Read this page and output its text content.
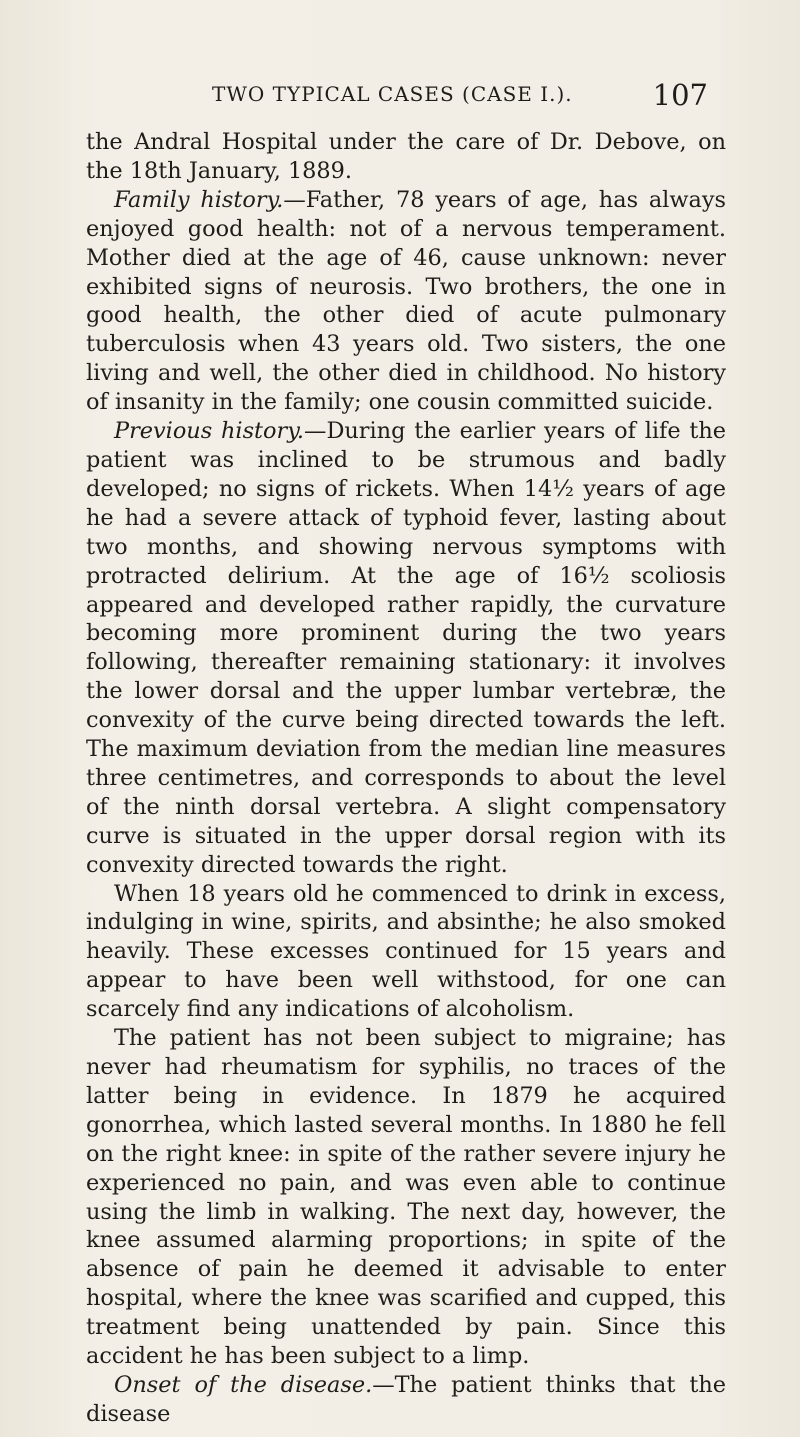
TWO TYPICAL CASES (CASE I.).	107

the Andral Hospital under the care of Dr. Debove, on the 18th January, 1889.

Family history.—Father, 78 years of age, has always enjoyed good health: not of a nervous temperament. Mother died at the age of 46, cause unknown: never exhibited signs of neurosis. Two brothers, the one in good health, the other died of acute pulmonary tuberculosis when 43 years old. Two sisters, the one living and well, the other died in childhood. No history of insanity in the family; one cousin committed suicide.

Previous history.—During the earlier years of life the patient was inclined to be strumous and badly developed; no signs of rickets. When 14½ years of age he had a severe attack of typhoid fever, lasting about two months, and showing nervous symptoms with protracted delirium. At the age of 16½ scoliosis appeared and developed rather rapidly, the curvature becoming more prominent during the two years following, thereafter remaining stationary: it involves the lower dorsal and the upper lumbar vertebræ, the convexity of the curve being directed towards the left. The maximum deviation from the median line measures three centimetres, and corresponds to about the level of the ninth dorsal vertebra. A slight compensatory curve is situated in the upper dorsal region with its convexity directed towards the right.

When 18 years old he commenced to drink in excess, indulging in wine, spirits, and absinthe; he also smoked heavily. These excesses continued for 15 years and appear to have been well withstood, for one can scarcely find any indications of alcoholism.

The patient has not been subject to migraine; has never had rheumatism for syphilis, no traces of the latter being in evidence. In 1879 he acquired gonorrhea, which lasted several months. In 1880 he fell on the right knee: in spite of the rather severe injury he experienced no pain, and was even able to continue using the limb in walking. The next day, however, the knee assumed alarming proportions; in spite of the absence of pain he deemed it advisable to enter hospital, where the knee was scarified and cupped, this treatment being unattended by pain. Since this accident he has been subject to a limp.

Onset of the disease.—The patient thinks that the disease
